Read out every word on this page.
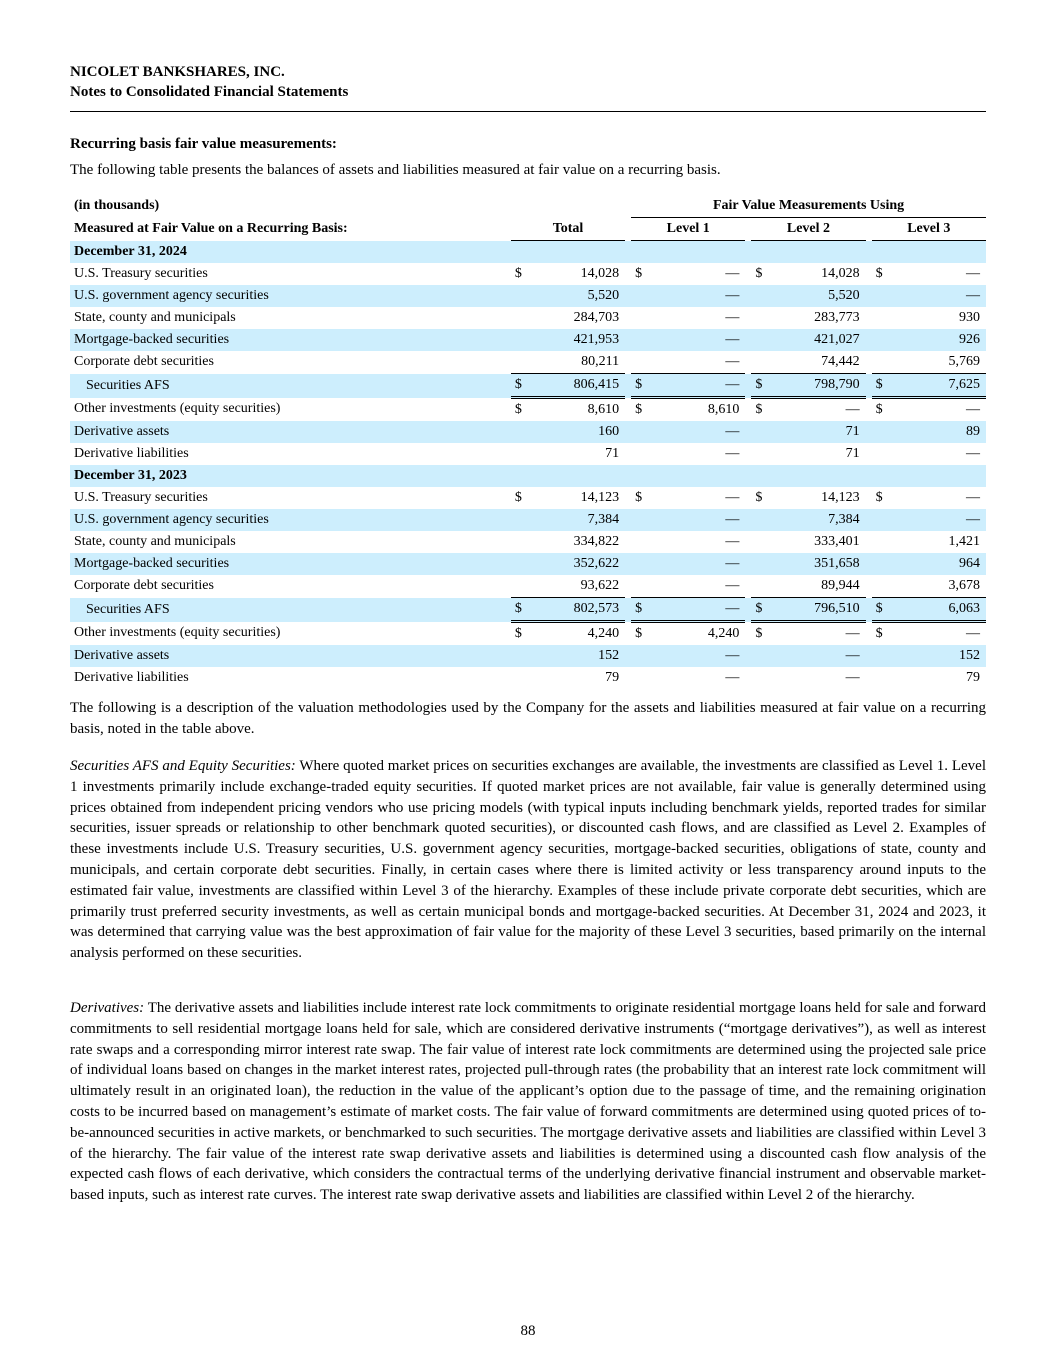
NICOLET BANKSHARES, INC.
Notes to Consolidated Financial Statements
Recurring basis fair value measurements:
The following table presents the balances of assets and liabilities measured at fair value on a recurring basis.
(in thousands)				Fair Value Measurements Using							
Measured at Fair Value on a Recurring Basis:	Total			Level 1			Level 2			Level 3	
December 31, 2024											
U.S. Treasury securities	$	14,028		$	—		$	14,028		$	—
U.S. government agency securities		5,520			—			5,520			—
State, county and municipals		284,703			—			283,773			930
Mortgage-backed securities		421,953			—			421,027			926
Corporate debt securities		80,211			—			74,442			5,769
Securities AFS	$	806,415		$	—		$	798,790		$	7,625
Other investments (equity securities)	$	8,610		$	8,610		$	—		$	—
Derivative assets		160			—			71			89
Derivative liabilities		71			—			71			—
December 31, 2023											
U.S. Treasury securities	$	14,123		$	—		$	14,123		$	—
U.S. government agency securities		7,384			—			7,384			—
State, county and municipals		334,822			—			333,401			1,421
Mortgage-backed securities		352,622			—			351,658			964
Corporate debt securities		93,622			—			89,944			3,678
Securities AFS	$	802,573		$	—		$	796,510		$	6,063
Other investments (equity securities)	$	4,240		$	4,240		$	—		$	—
Derivative assets		152			—			—			152
Derivative liabilities		79			—			—			79
The following is a description of the valuation methodologies used by the Company for the assets and liabilities measured at fair value on a recurring basis, noted in the table above.
Securities AFS and Equity Securities: Where quoted market prices on securities exchanges are available, the investments are classified as Level 1. Level 1 investments primarily include exchange-traded equity securities. If quoted market prices are not available, fair value is generally determined using prices obtained from independent pricing vendors who use pricing models (with typical inputs including benchmark yields, reported trades for similar securities, issuer spreads or relationship to other benchmark quoted securities), or discounted cash flows, and are classified as Level 2. Examples of these investments include U.S. Treasury securities, U.S. government agency securities, mortgage-backed securities, obligations of state, county and municipals, and certain corporate debt securities. Finally, in certain cases where there is limited activity or less transparency around inputs to the estimated fair value, investments are classified within Level 3 of the hierarchy. Examples of these include private corporate debt securities, which are primarily trust preferred security investments, as well as certain municipal bonds and mortgage-backed securities. At December 31, 2024 and 2023, it was determined that carrying value was the best approximation of fair value for the majority of these Level 3 securities, based primarily on the internal analysis performed on these securities.
Derivatives: The derivative assets and liabilities include interest rate lock commitments to originate residential mortgage loans held for sale and forward commitments to sell residential mortgage loans held for sale, which are considered derivative instruments (“mortgage derivatives”), as well as interest rate swaps and a corresponding mirror interest rate swap. The fair value of interest rate lock commitments are determined using the projected sale price of individual loans based on changes in the market interest rates, projected pull-through rates (the probability that an interest rate lock commitment will ultimately result in an originated loan), the reduction in the value of the applicant’s option due to the passage of time, and the remaining origination costs to be incurred based on management’s estimate of market costs. The fair value of forward commitments are determined using quoted prices of to-be-announced securities in active markets, or benchmarked to such securities. The mortgage derivative assets and liabilities are classified within Level 3 of the hierarchy. The fair value of the interest rate swap derivative assets and liabilities is determined using a discounted cash flow analysis of the expected cash flows of each derivative, which considers the contractual terms of the underlying derivative financial instrument and observable market-based inputs, such as interest rate curves. The interest rate swap derivative assets and liabilities are classified within Level 2 of the hierarchy.
88
